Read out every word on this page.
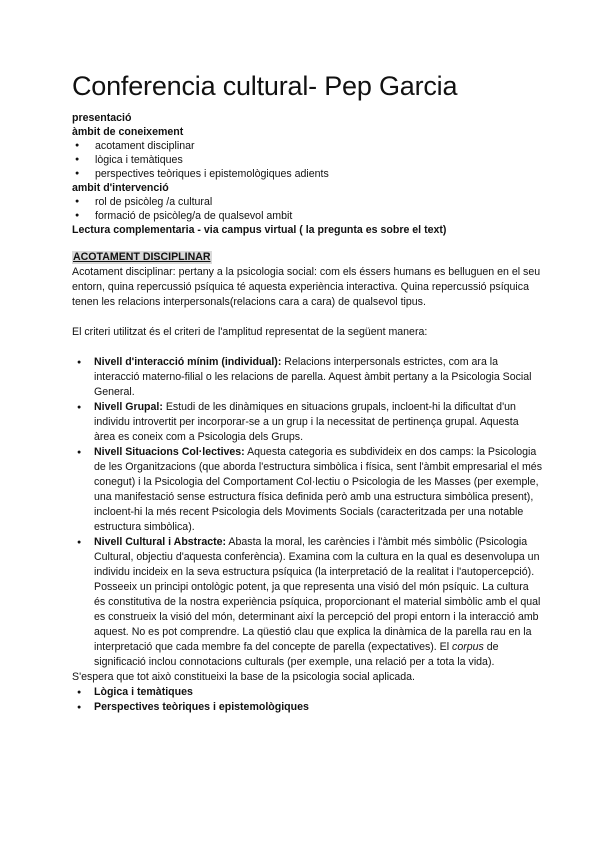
Conferencia cultural- Pep Garcia

presentació

àmbit de coneixement

● acotament disciplinar
● lògica i temàtiques
● perspectives teòriques i epistemològiques adients

ambit d'intervenció

● rol de psicòleg /a cultural
● formació de psicòleg/a de qualsevol ambit

Lectura complementaria - via campus virtual ( la pregunta es sobre el text)

ACOTAMENT DISCIPLINAR

Acotament disciplinar: pertany a la psicologia social: com els éssers humans es belluguen en el seu entorn, quina repercussió psíquica té aquesta experiència interactiva. Quina repercussió psíquica tenen les relacions interpersonals(relacions cara a cara) de qualsevol tipus.

El criteri utilitzat és el criteri de l'amplitud representat de la següent manera:

● Nivell d'interacció mínim (individual): Relacions interpersonals estrictes, com ara la interacció materno-filial o les relacions de parella. Aquest àmbit pertany a la Psicologia Social General.
● Nivell Grupal: Estudi de les dinàmiques en situacions grupals, incloent-hi la dificultat d'un individu introvertit per incorporar-se a un grup i la necessitat de pertinença grupal. Aquesta àrea es coneix com a Psicologia dels Grups.
● Nivell Situacions Col·lectives: Aquesta categoria es subdivideix en dos camps: la Psicologia de les Organitzacions (que aborda l'estructura simbòlica i física, sent l'àmbit empresarial el més conegut) i la Psicologia del Comportament Col·lectiu o Psicologia de les Masses (per exemple, una manifestació sense estructura física definida però amb una estructura simbòlica present), incloent-hi la més recent Psicologia dels Moviments Socials (caracteritzada per una notable estructura simbòlica).
● Nivell Cultural i Abstracte: Abasta la moral, les carències i l'àmbit més simbòlic (Psicologia Cultural, objectiu d'aquesta conferència). Examina com la cultura en la qual es desenvolupa un individu incideix en la seva estructura psíquica (la interpretació de la realitat i l'autopercepció). Posseeix un principi ontològic potent, ja que representa una visió del món psíquic. La cultura és constitutiva de la nostra experiència psíquica, proporcionant el material simbòlic amb el qual es construeix la visió del món, determinant així la percepció del propi entorn i la interacció amb aquest. No es pot comprendre. La qüestió clau que explica la dinàmica de la parella rau en la interpretació que cada membre fa del concepte de parella (expectatives). El corpus de significació inclou connotacions culturals (per exemple, una relació per a tota la vida).

S'espera que tot això constitueixi la base de la psicologia social aplicada.

● Lògica i temàtiques
● Perspectives teòriques i epistemològiques
